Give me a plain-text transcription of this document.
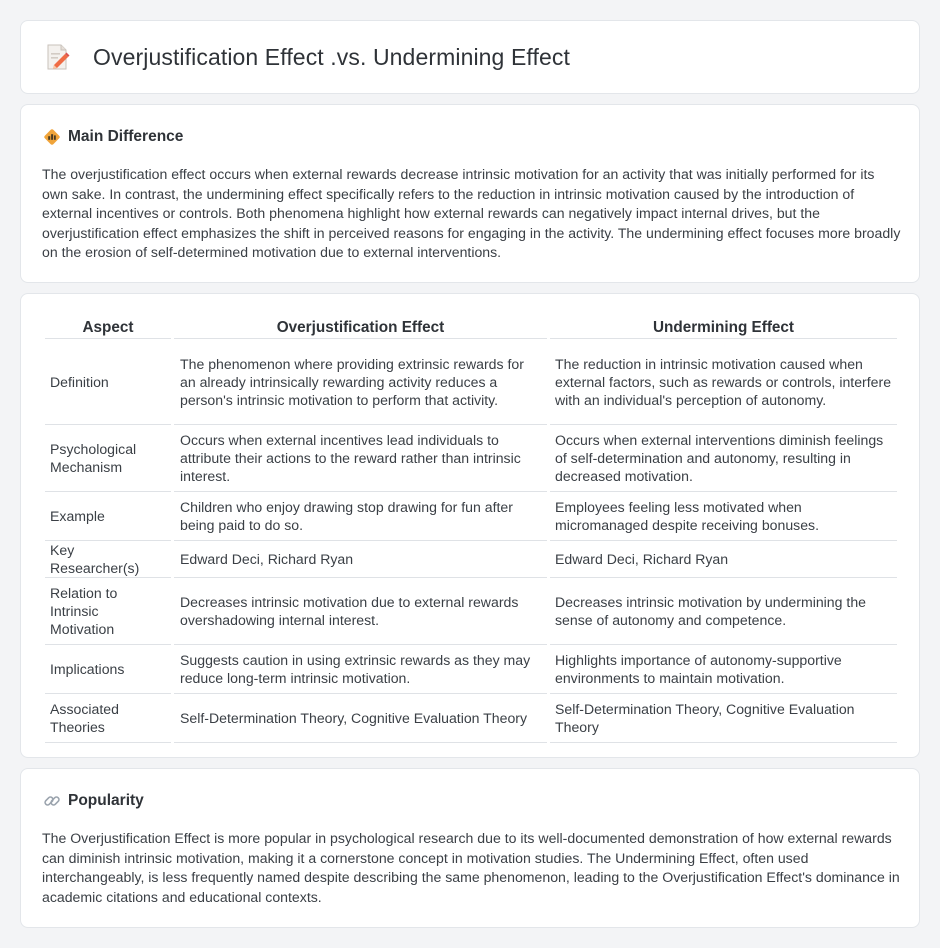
Overjustification Effect .vs. Undermining Effect
Main Difference

The overjustification effect occurs when external rewards decrease intrinsic motivation for an activity that was initially performed for its own sake. In contrast, the undermining effect specifically refers to the reduction in intrinsic motivation caused by the introduction of external incentives or controls. Both phenomena highlight how external rewards can negatively impact internal drives, but the overjustification effect emphasizes the shift in perceived reasons for engaging in the activity. The undermining effect focuses more broadly on the erosion of self-determined motivation due to external interventions.

Aspect	Overjustification Effect	Undermining Effect
Definition	The phenomenon where providing extrinsic rewards for an already intrinsically rewarding activity reduces a person's intrinsic motivation to perform that activity.	The reduction in intrinsic motivation caused when external factors, such as rewards or controls, interfere with an individual's perception of autonomy.
Psychological Mechanism	Occurs when external incentives lead individuals to attribute their actions to the reward rather than intrinsic interest.	Occurs when external interventions diminish feelings of self-determination and autonomy, resulting in decreased motivation.
Example	Children who enjoy drawing stop drawing for fun after being paid to do so.	Employees feeling less motivated when micromanaged despite receiving bonuses.
Key Researcher(s)	Edward Deci, Richard Ryan	Edward Deci, Richard Ryan
Relation to Intrinsic Motivation	Decreases intrinsic motivation due to external rewards overshadowing internal interest.	Decreases intrinsic motivation by undermining the sense of autonomy and competence.
Implications	Suggests caution in using extrinsic rewards as they may reduce long-term intrinsic motivation.	Highlights importance of autonomy-supportive environments to maintain motivation.
Associated Theories	Self-Determination Theory, Cognitive Evaluation Theory	Self-Determination Theory, Cognitive Evaluation Theory
Popularity

The Overjustification Effect is more popular in psychological research due to its well-documented demonstration of how external rewards can diminish intrinsic motivation, making it a cornerstone concept in motivation studies. The Undermining Effect, often used interchangeably, is less frequently named despite describing the same phenomenon, leading to the Overjustification Effect's dominance in academic citations and educational contexts.
